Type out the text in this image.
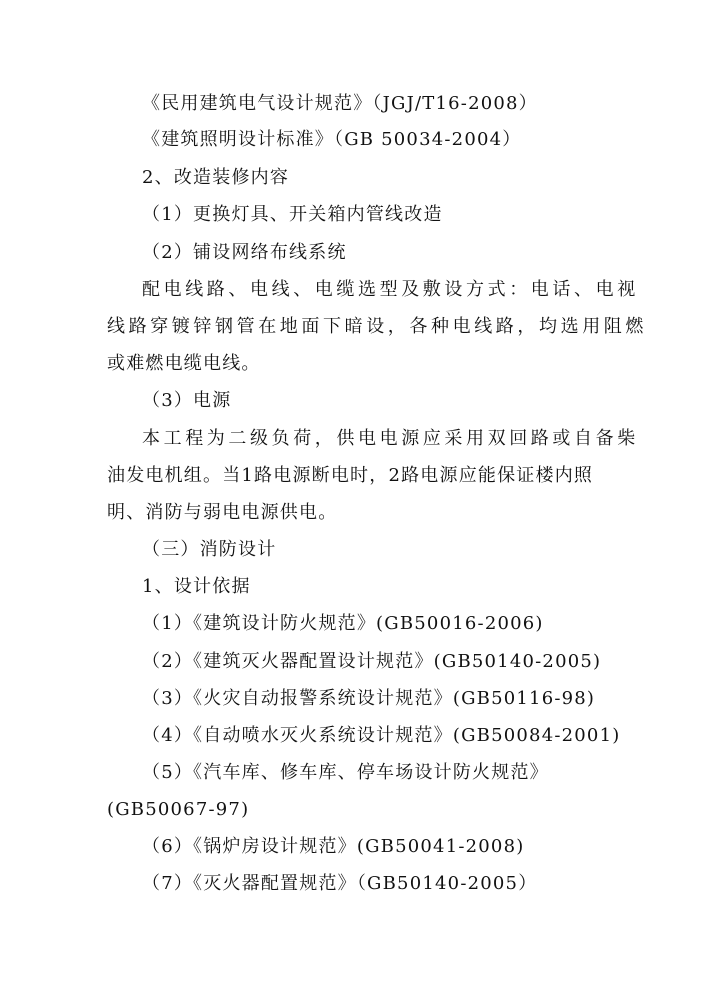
《民用建筑电气设计规范》（JGJ/T16-2008）
《建筑照明设计标准》（GB 50034-2004）
2、改造装修内容
（1）更换灯具、开关箱内管线改造
（2）铺设网络布线系统
配电线路、电线、电缆选型及敷设方式：电话、电视
线路穿镀锌钢管在地面下暗设，各种电线路，均选用阻燃
或难燃电缆电线。
（3）电源
本工程为二级负荷，供电电源应采用双回路或自备柴
油发电机组。当1路电源断电时，2路电源应能保证楼内照
明、消防与弱电电源供电。
（三）消防设计
1、设计依据
（1）《建筑设计防火规范》(GB50016-2006)
（2）《建筑灭火器配置设计规范》(GB50140-2005)
（3）《火灾自动报警系统设计规范》(GB50116-98)
（4）《自动喷水灭火系统设计规范》(GB50084-2001)
（5）《汽车库、修车库、停车场设计防火规范》
(GB50067-97)
（6）《锅炉房设计规范》(GB50041-2008)
（7）《灭火器配置规范》（GB50140-2005）
